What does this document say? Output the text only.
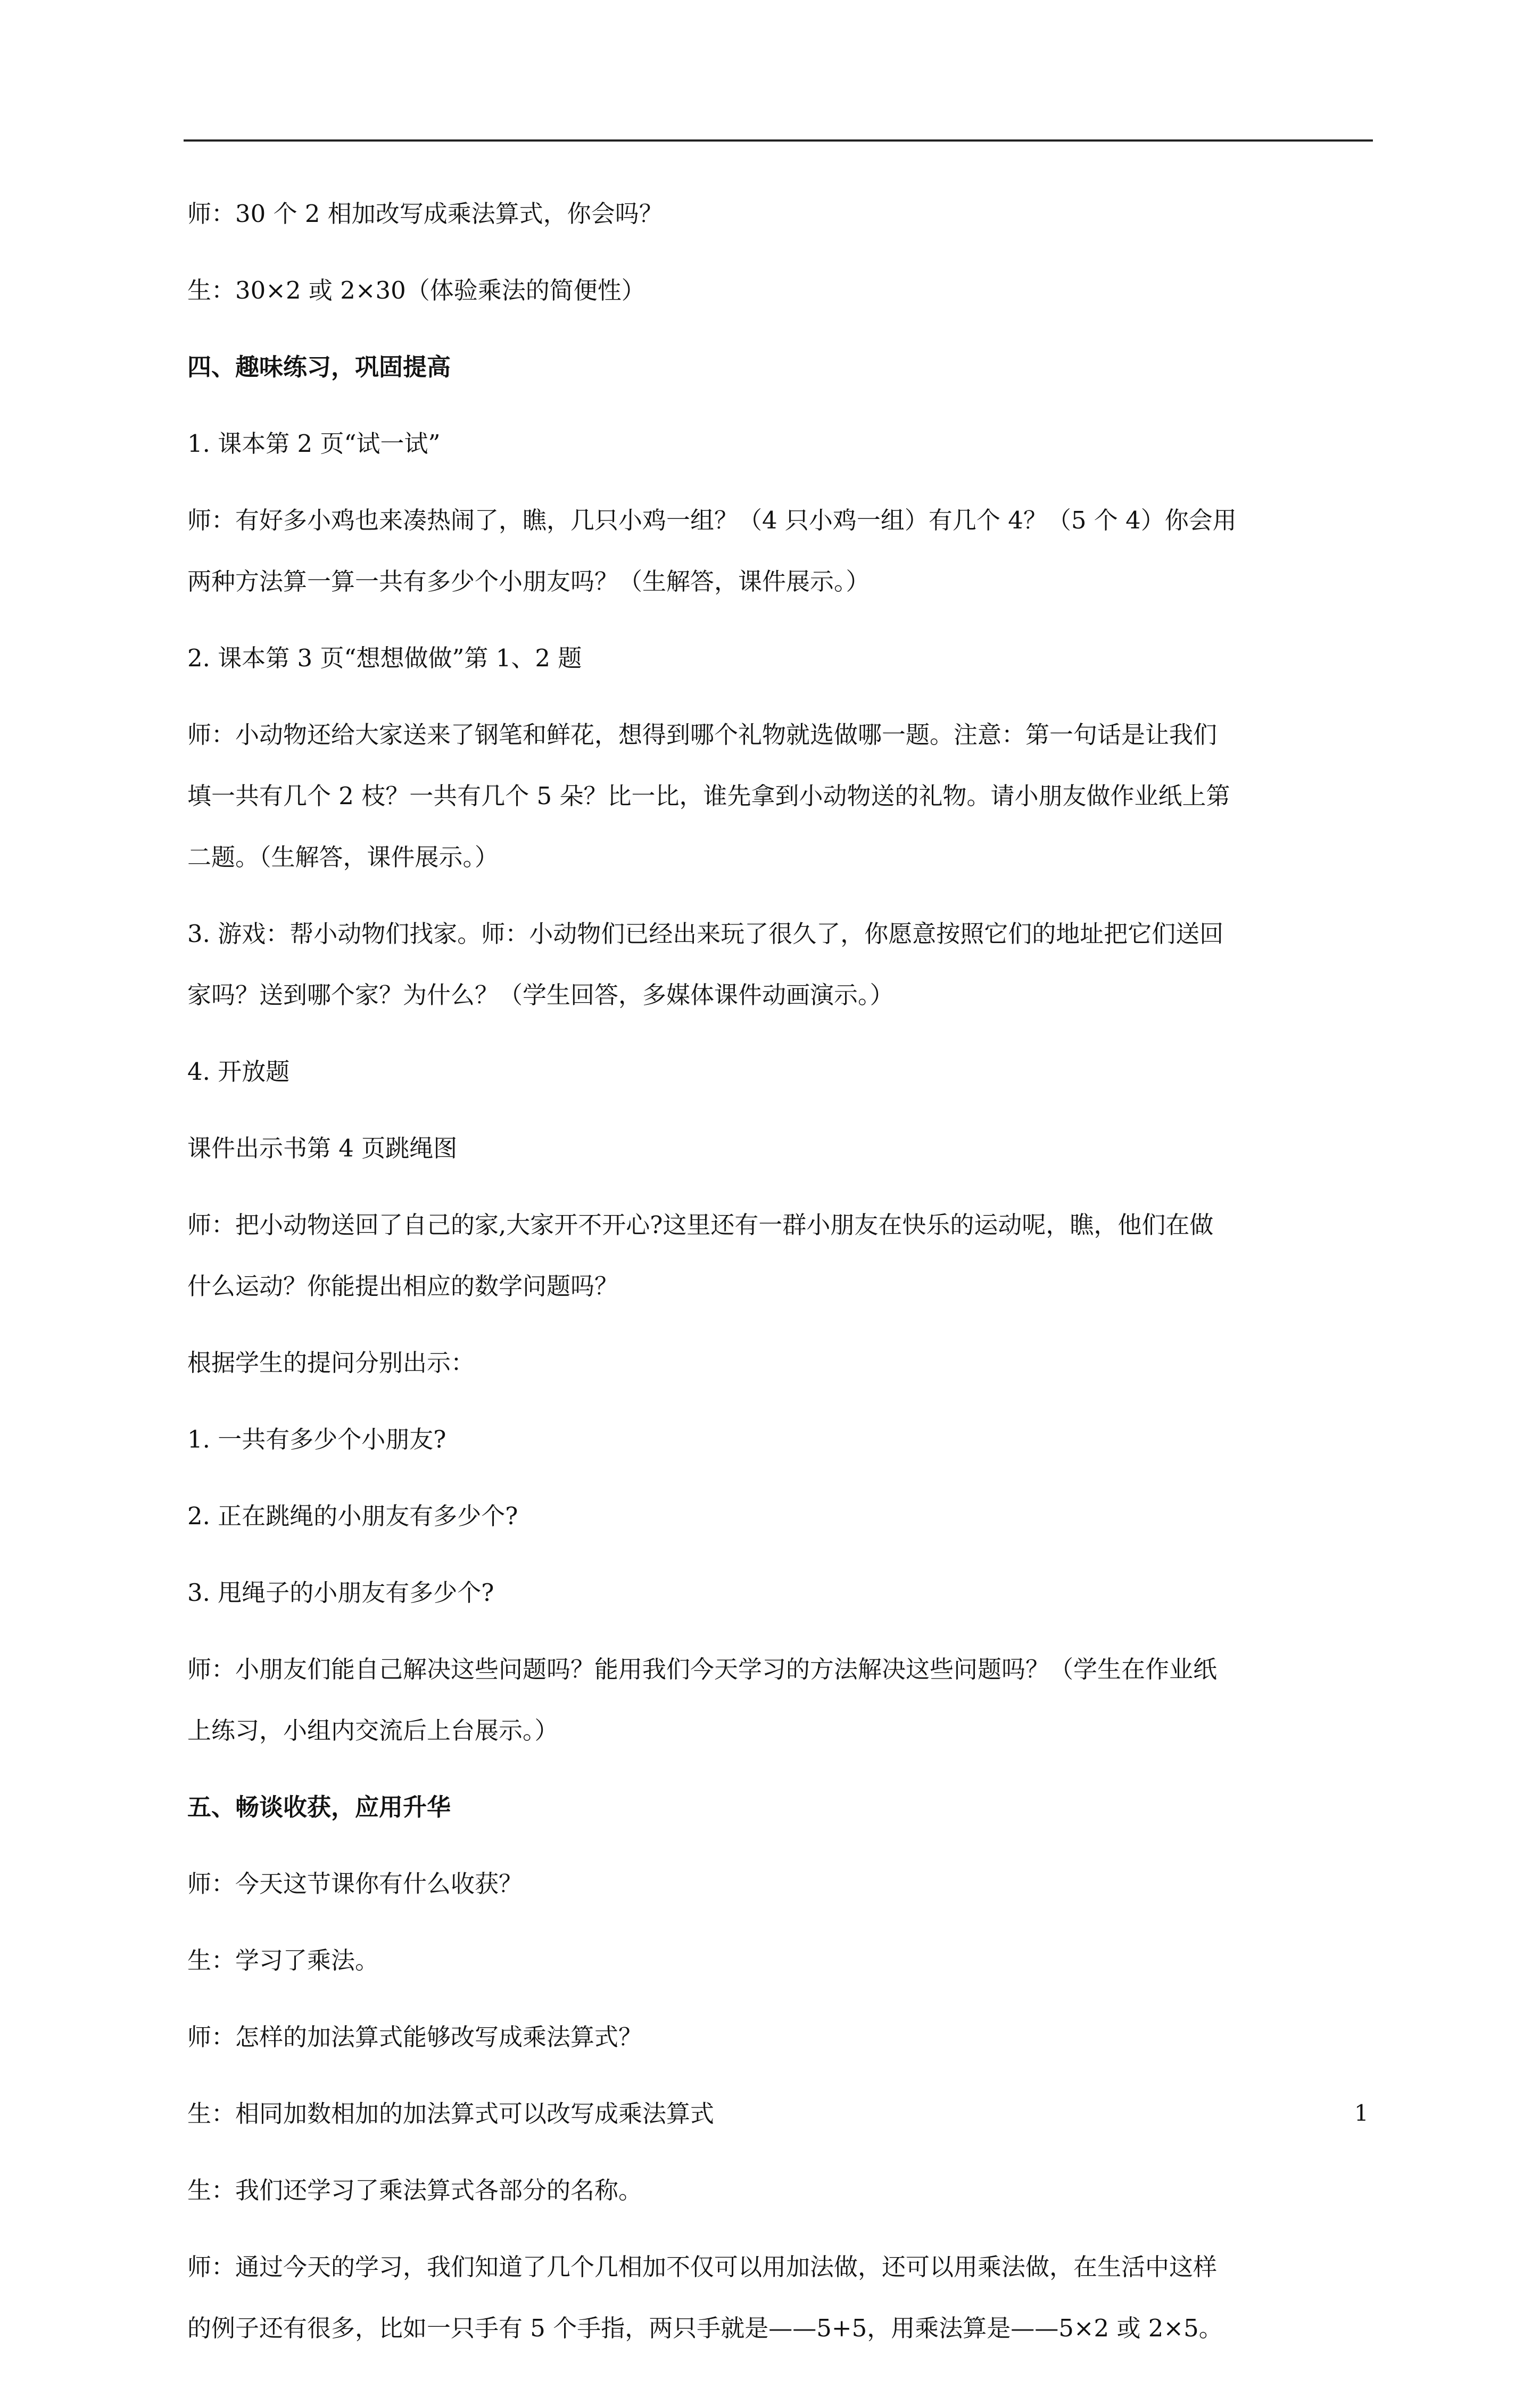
师：30 个 2 相加改写成乘法算式，你会吗？
生：30×2 或 2×30（体验乘法的简便性）
四、趣味练习，巩固提高
1. 课本第 2 页“试一试”
师：有好多小鸡也来凑热闹了，瞧，几只小鸡一组？（4 只小鸡一组）有几个 4？（5 个 4）你会用
两种方法算一算一共有多少个小朋友吗？（生解答，课件展示。）
2. 课本第 3 页“想想做做”第 1、2 题
师：小动物还给大家送来了钢笔和鲜花，想得到哪个礼物就选做哪一题。注意：第一句话是让我们
填一共有几个 2 枝？一共有几个 5 朵？比一比，谁先拿到小动物送的礼物。请小朋友做作业纸上第
二题。（生解答，课件展示。）
3. 游戏：帮小动物们找家。师：小动物们已经出来玩了很久了，你愿意按照它们的地址把它们送回
家吗？送到哪个家？为什么？（学生回答，多媒体课件动画演示。）
4. 开放题
课件出示书第 4 页跳绳图
师：把小动物送回了自己的家,大家开不开心?这里还有一群小朋友在快乐的运动呢，瞧，他们在做
什么运动？你能提出相应的数学问题吗？
根据学生的提问分别出示：
1. 一共有多少个小朋友?
2. 正在跳绳的小朋友有多少个?
3. 甩绳子的小朋友有多少个?
师：小朋友们能自己解决这些问题吗？能用我们今天学习的方法解决这些问题吗？（学生在作业纸
上练习，小组内交流后上台展示。）
五、畅谈收获，应用升华
师：今天这节课你有什么收获？
生：学习了乘法。
师：怎样的加法算式能够改写成乘法算式？
生：相同加数相加的加法算式可以改写成乘法算式
生：我们还学习了乘法算式各部分的名称。
师：通过今天的学习，我们知道了几个几相加不仅可以用加法做，还可以用乘法做，在生活中这样
的例子还有很多，比如一只手有 5 个手指，两只手就是——5+5，用乘法算是——5×2 或 2×5。
1
